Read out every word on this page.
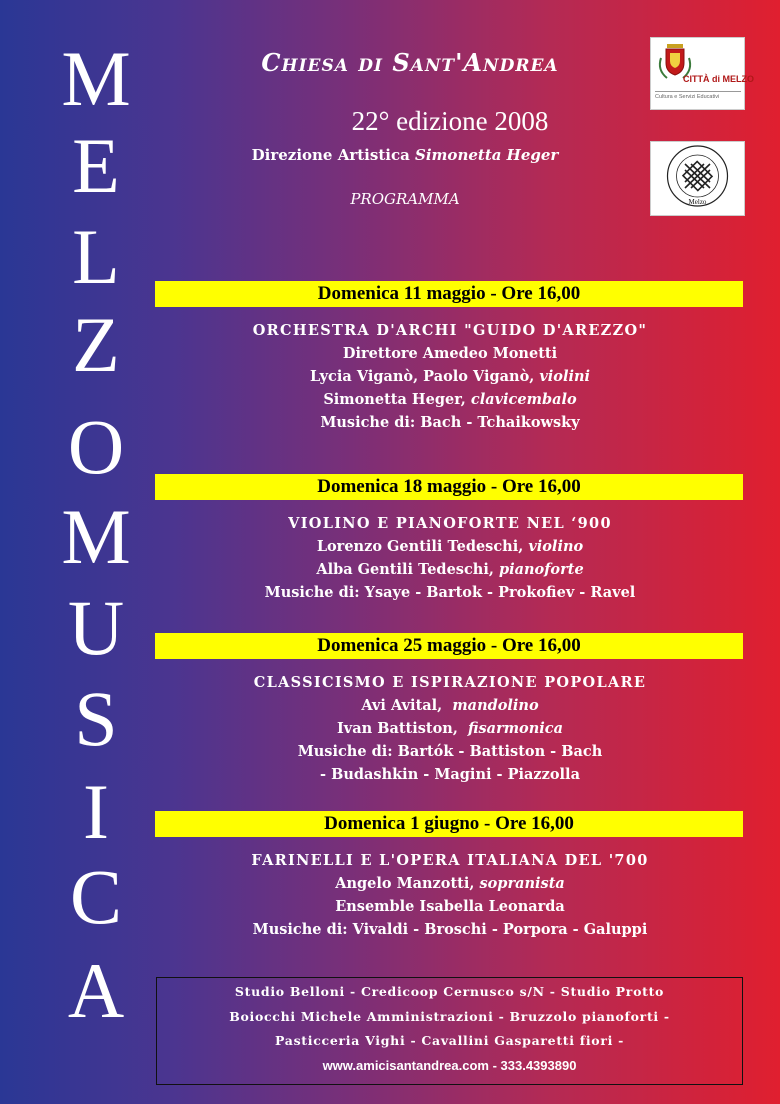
M
E
L
Z
O
M
U
S
I
C
A
Chiesa di Sant'Andrea
22° edizione 2008
Direzione Artistica Simonetta Heger
PROGRAMMA
CITTÀ di MELZO
Cultura e Servizi Educativi
Melzo
Domenica 11 maggio - Ore 16,00
ORCHESTRA D'ARCHI "GUIDO D'AREZZO"
Direttore Amedeo Monetti
Lycia Viganò, Paolo Viganò, violini
Simonetta Heger, clavicembalo
Musiche di: Bach - Tchaikowsky
Domenica 18 maggio - Ore 16,00
VIOLINO E PIANOFORTE NEL ‘900
Lorenzo Gentili Tedeschi, violino
Alba Gentili Tedeschi, pianoforte
Musiche di: Ysaye - Bartok - Prokofiev - Ravel
Domenica 25 maggio - Ore 16,00
CLASSICISMO E ISPIRAZIONE POPOLARE
Avi Avital,  mandolino
Ivan Battiston,  fisarmonica
Musiche di: Bartók - Battiston - Bach
- Budashkin - Magini - Piazzolla
Domenica 1 giugno - Ore 16,00
FARINELLI E L'OPERA ITALIANA DEL '700
Angelo Manzotti, sopranista
Ensemble Isabella Leonarda
Musiche di: Vivaldi - Broschi - Porpora - Galuppi
Studio Belloni - Credicoop Cernusco s/N - Studio Protto
Boiocchi Michele Amministrazioni - Bruzzolo pianoforti -
Pasticceria Vighi - Cavallini Gasparetti fiori -
www.amicisantandrea.com - 333.4393890
